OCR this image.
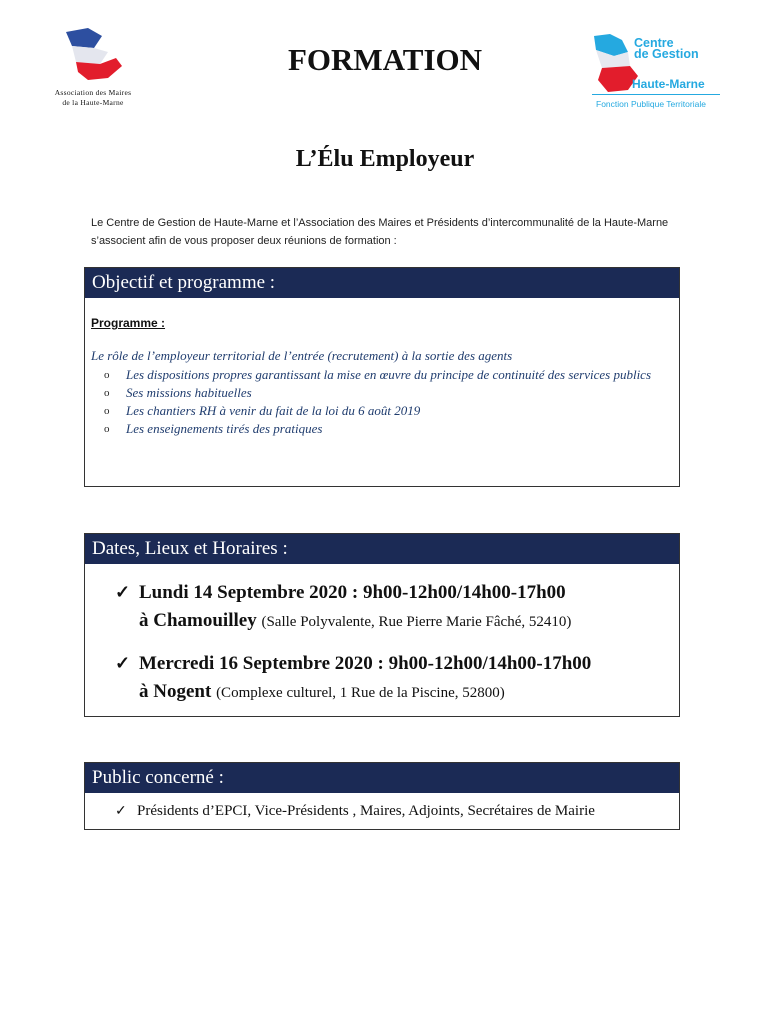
Association des Maires
de la Haute-Marne
FORMATION	Centre
de Gestion
Haute-Marne
Fonction Publique Territoriale
L’Élu Employeur
Le Centre de Gestion de Haute-Marne et l’Association des Maires et Présidents d’intercommunalité de la Haute-Marne s’associent afin de vous proposer deux réunions de formation :
Objectif et programme :
Programme :
Le rôle de l’employeur territorial de l’entrée (recrutement) à la sortie des agents
o Les dispositions propres garantissant la mise en œuvre du principe de continuité des services publics
o Ses missions habituelles
o Les chantiers RH à venir du fait de la loi du 6 août 2019
o Les enseignements tirés des pratiques
Dates, Lieux et Horaires :
✓ Lundi 14 Septembre 2020 : 9h00-12h00/14h00-17h00
à Chamouilley (Salle Polyvalente, Rue Pierre Marie Fâché, 52410)
✓ Mercredi 16 Septembre 2020 : 9h00-12h00/14h00-17h00
à Nogent (Complexe culturel, 1 Rue de la Piscine, 52800)
Public concerné :
✓ Présidents d’EPCI, Vice-Présidents , Maires, Adjoints, Secrétaires de Mairie
